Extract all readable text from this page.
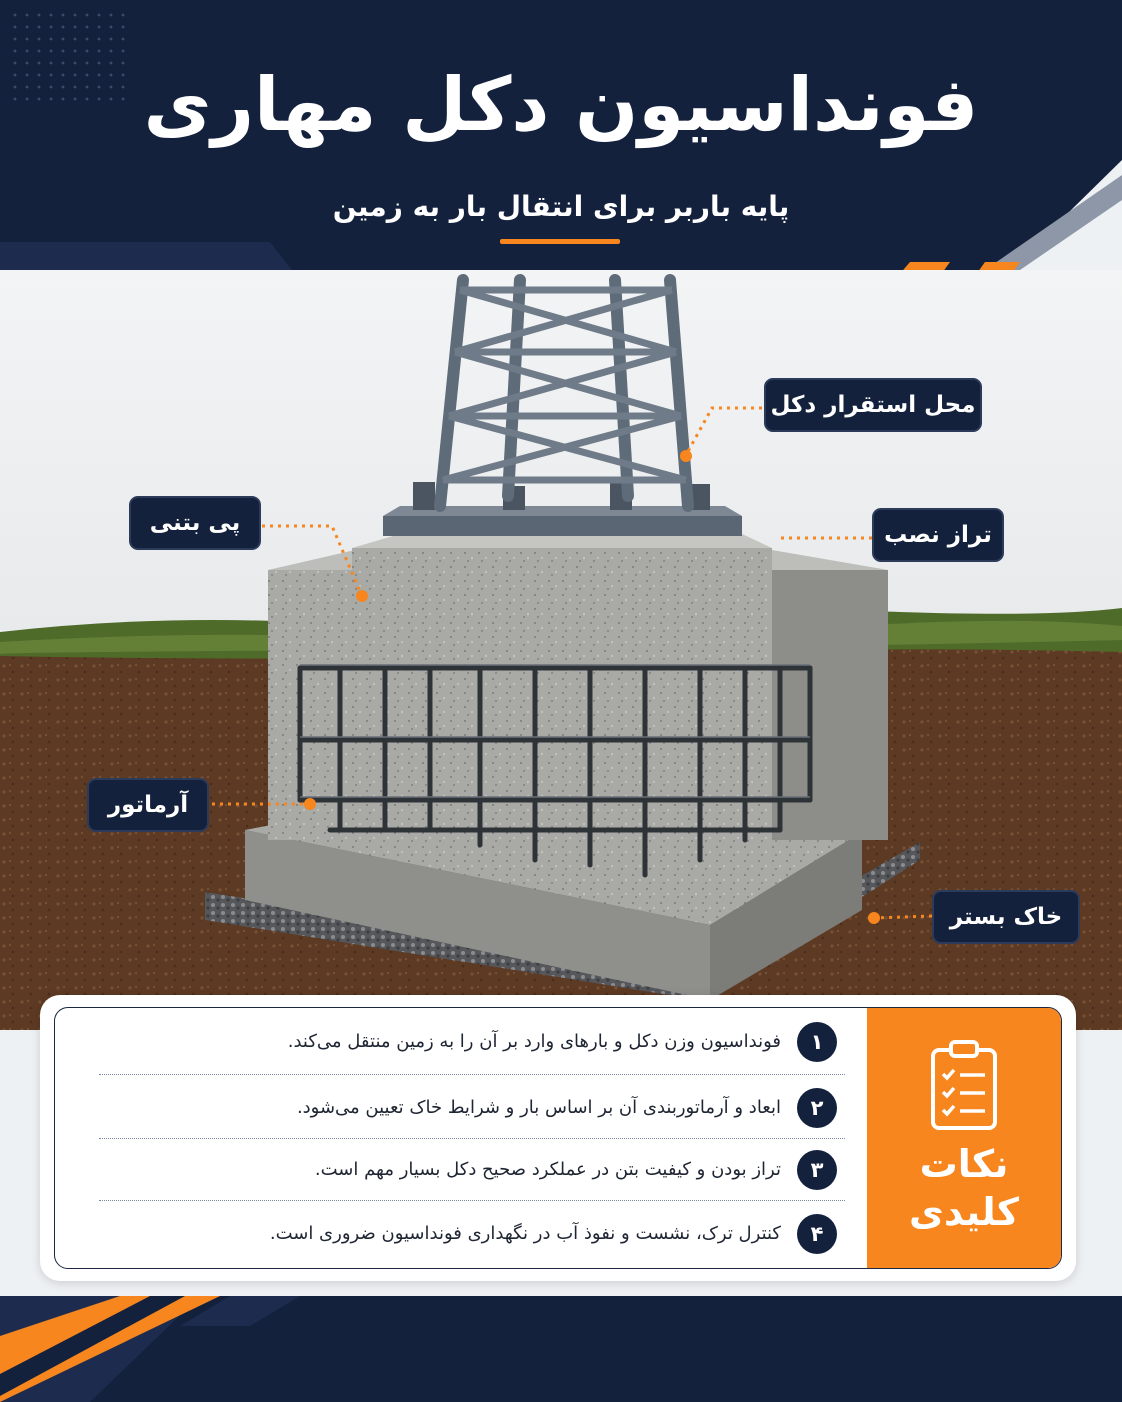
فونداسیون دکل مهاری
پایه باربر برای انتقال بار به زمین
محل استقرار دکل
پی بتنی	تراز نصب
آرماتور
خاک بستر
نکات
کلیدی
۱
فونداسیون وزن دکل و بارهای وارد بر آن را به زمین منتقل می‌کند.
۲
ابعاد و آرماتوربندی آن بر اساس بار و شرایط خاک تعیین می‌شود.
۳
تراز بودن و کیفیت بتن در عملکرد صحیح دکل بسیار مهم است.
۴
کنترل ترک، نشست و نفوذ آب در نگهداری فونداسیون ضروری است.
